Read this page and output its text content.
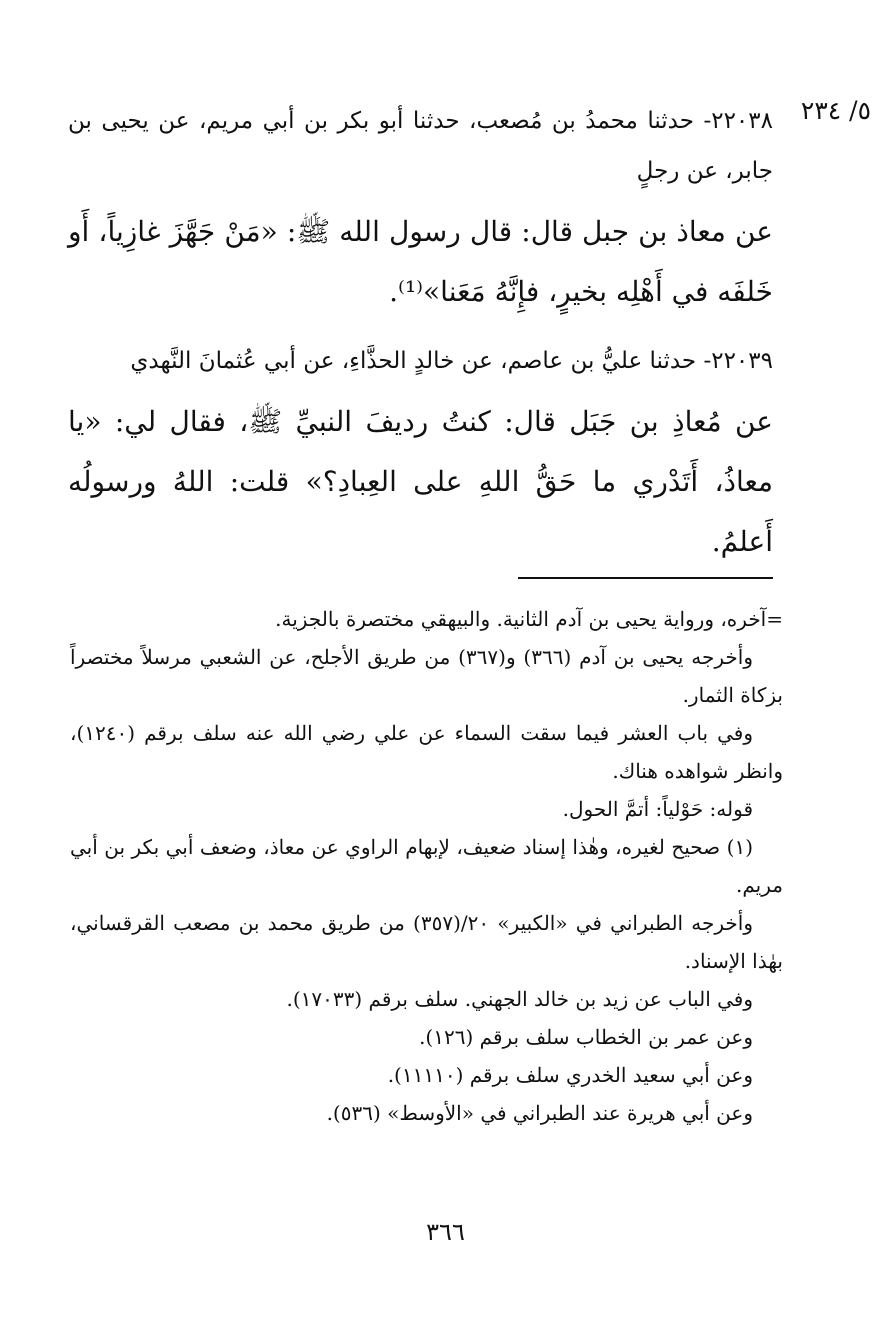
٥/ ٢٣٤

٢٢٠٣٨- حدثنا محمدُ بن مُصعب، حدثنا أبو بكر بن أبي مريم، عن يحيى بن جابر، عن رجلٍ

عن معاذ بن جبل قال: قال رسول الله ﷺ: «مَنْ جَهَّزَ غازِياً، أَو خَلفَه في أَهْلِه بخيرٍ، فإِنَّهُ مَعَنا»⁽¹⁾.

٢٢٠٣٩- حدثنا عليُّ بن عاصم، عن خالدٍ الحذَّاءِ، عن أبي عُثمانَ النَّهدي

عن مُعاذِ بن جَبَل قال: كنتُ رديفَ النبيِّ ﷺ، فقال لي: «يا معاذُ، أَتَدْري ما حَقُّ اللهِ على العِبادِ؟» قلت: اللهُ ورسولُه أَعلمُ.

=آخره، ورواية يحيى بن آدم الثانية. والبيهقي مختصرة بالجزية.

وأخرجه يحيى بن آدم (٣٦٦) و(٣٦٧) من طريق الأجلح، عن الشعبي مرسلاً مختصراً بزكاة الثمار.

وفي باب العشر فيما سقت السماء عن علي رضي الله عنه سلف برقم (١٢٤٠)، وانظر شواهده هناك.

قوله: حَوْلياً: أتمَّ الحول.

(١) صحيح لغيره، وهٰذا إسناد ضعيف، لإبهام الراوي عن معاذ، وضعف أبي بكر بن أبي مريم.

وأخرجه الطبراني في «الكبير» ٢٠/(٣٥٧) من طريق محمد بن مصعب القرقساني، بهٰذا الإسناد.

وفي الباب عن زيد بن خالد الجهني. سلف برقم (١٧٠٣٣).
وعن عمر بن الخطاب سلف برقم (١٢٦).
وعن أبي سعيد الخدري سلف برقم (١١١١٠).
وعن أبي هريرة عند الطبراني في «الأوسط» (٥٣٦).
٣٦٦
